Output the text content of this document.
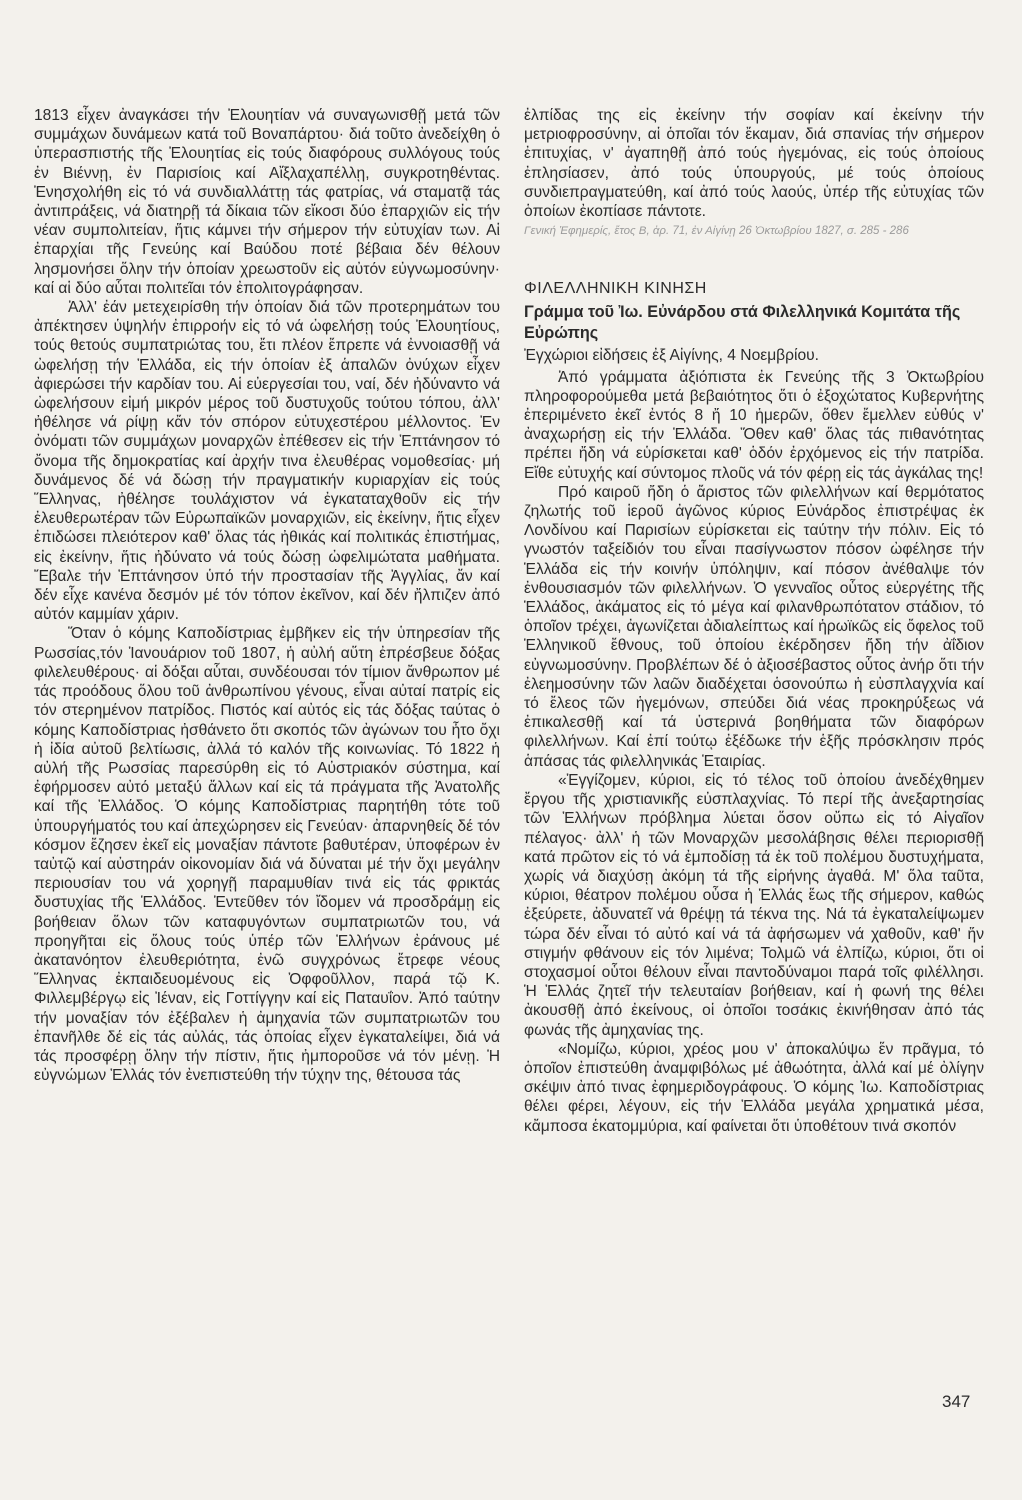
1813 εἶχεν ἀναγκάσει τήν Ἐλουητίαν νά συναγωνισθῇ μετά τῶν συμμάχων δυνάμεων κατά τοῦ Βοναπάρτου· διά τοῦτο ἀνεδείχθη ὁ ὑπερασπιστής τῆς Ἐλουητίας εἰς τούς διαφόρους συλλόγους τούς ἐν Βιέννῃ, ἐν Παρισίοις καί Αἴξλαχαπέλλῃ, συγκροτηθέντας. Ἐνησχολήθη εἰς τό νά συνδιαλλάττῃ τάς φατρίας, νά σταματᾷ τάς ἀντιπράξεις, νά διατηρῇ τά δίκαια τῶν εἴκοσι δύο ἐπαρχιῶν εἰς τήν νέαν συμπολιτείαν, ἥτις κάμνει τήν σήμερον τήν εὐτυχίαν των. Αἱ ἐπαρχίαι τῆς Γενεύης καί Βαύδου ποτέ βέβαια δέν θέλουν λησμονήσει ὅλην τήν ὁποίαν χρεωστοῦν εἰς αὐτόν εὐγνωμοσύνην· καί αἱ δύο αὗται πολιτεῖαι τόν ἐπολιτογράφησαν.

Ἀλλ' ἐάν μετεχειρίσθη τήν ὁποίαν διά τῶν προτερημάτων του ἀπέκτησεν ὑψηλήν ἐπιρροήν εἰς τό νά ὠφελήσῃ τούς Ἐλουητίους, τούς θετούς συμπατριώτας του, ἔτι πλέον ἔπρεπε νά ἐννοιασθῇ νά ὠφελήσῃ τήν Ἑλλάδα, εἰς τήν ὁποίαν ἐξ ἁπαλῶν ὀνύχων εἶχεν ἀφιερώσει τήν καρδίαν του. Αἱ εὐεργεσίαι του, ναί, δέν ἠδύναντο νά ὠφελήσουν εἰμή μικρόν μέρος τοῦ δυστυχοῦς τούτου τόπου, ἀλλ' ἠθέλησε νά ρίψῃ κἄν τόν σπόρον εὐτυχεστέρου μέλλοντος. Ἐν ὀνόματι τῶν συμμάχων μοναρχῶν ἐπέθεσεν εἰς τήν Ἑπτάνησον τό ὄνομα τῆς δημοκρατίας καί ἀρχήν τινα ἐλευθέρας νομοθεσίας· μή δυνάμενος δέ νά δώσῃ τήν πραγματικήν κυριαρχίαν εἰς τούς Ἕλληνας, ἠθέλησε τουλάχιστον νά ἐγκαταταχθοῦν εἰς τήν ἐλευθερωτέραν τῶν Εὐρωπαϊκῶν μοναρχιῶν, εἰς ἐκείνην, ἥτις εἶχεν ἐπιδώσει πλειότερον καθ' ὅλας τάς ἠθικάς καί πολιτικάς ἐπιστήμας, εἰς ἐκείνην, ἥτις ἠδύνατο νά τούς δώσῃ ὠφελιμώτατα μαθήματα. Ἔβαλε τήν Ἑπτάνησον ὑπό τήν προστασίαν τῆς Ἀγγλίας, ἄν καί δέν εἶχε κανένα δεσμόν μέ τόν τόπον ἐκεῖνον, καί δέν ἤλπιζεν ἀπό αὐτόν καμμίαν χάριν.

Ὅταν ὁ κόμης Καποδίστριας ἐμβῆκεν εἰς τήν ὑπηρεσίαν τῆς Ρωσσίας,τόν Ἰανουάριον τοῦ 1807, ἡ αὐλή αὕτη ἐπρέσβευε δόξας φιλελευθέρους· αἱ δόξαι αὗται, συνδέουσαι τόν τίμιον ἄνθρωπον μέ τάς προόδους ὅλου τοῦ ἀνθρωπίνου γένους, εἶναι αὐταί πατρίς εἰς τόν στερημένον πατρίδος. Πιστός καί αὐτός εἰς τάς δόξας ταύτας ὁ κόμης Καποδίστριας ἠσθάνετο ὅτι σκοπός τῶν ἀγώνων του ἦτο ὄχι ἡ ἰδία αὐτοῦ βελτίωσις, ἀλλά τό καλόν τῆς κοινωνίας. Τό 1822 ἡ αὐλή τῆς Ρωσσίας παρεσύρθη εἰς τό Αὐστριακόν σύστημα, καί ἐφήρμοσεν αὐτό μεταξύ ἄλλων καί εἰς τά πράγματα τῆς Ἀνατολῆς καί τῆς Ἑλλάδος. Ὁ κόμης Καποδίστριας παρητήθη τότε τοῦ ὑπουργήματός του καί ἀπεχώρησεν εἰς Γενεύαν· ἀπαρνηθείς δέ τόν κόσμον ἔζησεν ἐκεῖ εἰς μοναξίαν πάντοτε βαθυτέραν, ὑποφέρων ἐν ταὐτῷ καί αὐστηράν οἰκονομίαν διά νά δύναται μέ τήν ὄχι μεγάλην περιουσίαν του νά χορηγῇ παραμυθίαν τινά εἰς τάς φρικτάς δυστυχίας τῆς Ἑλλάδος. Ἐντεῦθεν τόν ἴδομεν νά προσδράμῃ εἰς βοήθειαν ὅλων τῶν καταφυγόντων συμπατριωτῶν του, νά προηγῆται εἰς ὅλους τούς ὑπέρ τῶν Ἑλλήνων ἐράνους μέ ἀκατανόητον ἐλευθεριότητα, ἐνῶ συγχρόνως ἔτρεφε νέους Ἕλληνας ἐκπαιδευομένους εἰς Ὀφφοῦλλον, παρά τῷ Κ. Φιλλεμβέργῳ εἰς Ἰέναν, εἰς Γοττίγγην καί εἰς Παταυΐον. Ἀπό ταύτην τήν μοναξίαν τόν ἐξέβαλεν ἡ ἀμηχανία τῶν συμπατριωτῶν του ἐπανῆλθε δέ εἰς τάς αὐλάς, τάς ὁποίας εἶχεν ἐγκαταλείψει, διά νά τάς προσφέρῃ ὅλην τήν πίστιν, ἥτις ἠμποροῦσε νά τόν μένῃ. Ἡ εὐγνώμων Ἑλλάς τόν ἐνεπιστεύθη τήν τύχην της, θέτουσα τάς

ἐλπίδας της εἰς ἐκείνην τήν σοφίαν καί ἐκείνην τήν μετριοφροσύνην, αἱ ὁποῖαι τόν ἔκαμαν, διά σπανίας τήν σήμερον ἐπιτυχίας, ν' ἀγαπηθῇ ἀπό τούς ἡγεμόνας, εἰς τούς ὁποίους ἐπλησίασεν, ἀπό τούς ὑπουργούς, μέ τούς ὁποίους συνδιεπραγματεύθη, καί ἀπό τούς λαούς, ὑπέρ τῆς εὐτυχίας τῶν ὁποίων ἐκοπίασε πάντοτε.

Γενική Ἐφημερίς, ἔτος Β, ἀρ. 71, ἐν Αἰγίνῃ 26 Ὀκτωβρίου 1827, σ. 285 - 286

ΦΙΛΕΛΛΗΝΙΚΗ ΚΙΝΗΣΗ

Γράμμα τοῦ Ἰω. Εὐνάρδου στά Φιλελληνικά Κομιτάτα τῆς Εὐρώπης

Ἐγχώριοι εἰδήσεις ἐξ Αἰγίνης, 4 Νοεμβρίου.

Ἀπό γράμματα ἀξιόπιστα ἐκ Γενεύης τῆς 3 Ὀκτωβρίου πληροφορούμεθα μετά βεβαιότητος ὅτι ὁ ἐξοχώτατος Κυβερνήτης ἐπεριμένετο ἐκεῖ ἐντός 8 ἤ 10 ἡμερῶν, ὅθεν ἔμελλεν εὐθύς ν' ἀναχωρήσῃ εἰς τήν Ἑλλάδα. Ὅθεν καθ' ὅλας τάς πιθανότητας πρέπει ἤδη νά εὑρίσκεται καθ' ὁδόν ἐρχόμενος εἰς τήν πατρίδα. Εἴθε εὐτυχής καί σύντομος πλοῦς νά τόν φέρῃ εἰς τάς ἀγκάλας της!

Πρό καιροῦ ἤδη ὁ ἄριστος τῶν φιλελλήνων καί θερμότατος ζηλωτής τοῦ ἱεροῦ ἀγῶνος κύριος Εὐνάρδος ἐπιστρέψας ἐκ Λονδίνου καί Παρισίων εὑρίσκεται εἰς ταύτην τήν πόλιν. Εἰς τό γνωστόν ταξείδιόν του εἶναι πασίγνωστον πόσον ὠφέλησε τήν Ἑλλάδα εἰς τήν κοινήν ὑπόληψιν, καί πόσον ἀνέθαλψε τόν ἐνθουσιασμόν τῶν φιλελλήνων. Ὁ γενναῖος οὗτος εὐεργέτης τῆς Ἑλλάδος, ἀκάματος εἰς τό μέγα καί φιλανθρωπότατον στάδιον, τό ὁποῖον τρέχει, ἀγωνίζεται ἀδιαλείπτως καί ἡρωϊκῶς εἰς ὄφελος τοῦ Ἑλληνικοῦ ἔθνους, τοῦ ὁποίου ἐκέρδησεν ἤδη τήν ἀΐδιον εὐγνωμοσύνην. Προβλέπων δέ ὁ ἀξιοσέβαστος οὗτος ἀνήρ ὅτι τήν ἐλεημοσύνην τῶν λαῶν διαδέχεται ὁσονούπω ἡ εὐσπλαγχνία καί τό ἔλεος τῶν ἡγεμόνων, σπεύδει διά νέας προκηρύξεως νά ἐπικαλεσθῇ καί τά ὑστερινά βοηθήματα τῶν διαφόρων φιλελλήνων. Καί ἐπί τούτῳ ἐξέδωκε τήν ἑξῆς πρόσκλησιν πρός ἁπάσας τάς φιλελληνικάς Ἑταιρίας.

«Ἐγγίζομεν, κύριοι, εἰς τό τέλος τοῦ ὁποίου ἀνεδέχθημεν ἔργου τῆς χριστιανικῆς εὐσπλαχνίας. Τό περί τῆς ἀνεξαρτησίας τῶν Ἑλλήνων πρόβλημα λύεται ὅσον οὔπω εἰς τό Αἰγαῖον πέλαγος· ἀλλ' ἡ τῶν Μοναρχῶν μεσολάβησις θέλει περιορισθῇ κατά πρῶτον εἰς τό νά ἐμποδίσῃ τά ἐκ τοῦ πολέμου δυστυχήματα, χωρίς νά διαχύσῃ ἀκόμη τά τῆς εἰρήνης ἀγαθά. Μ' ὅλα ταῦτα, κύριοι, θέατρον πολέμου οὖσα ἡ Ἑλλάς ἕως τῆς σήμερον, καθώς ἐξεύρετε, ἀδυνατεῖ νά θρέψῃ τά τέκνα της. Νά τά ἐγκαταλείψωμεν τώρα δέν εἶναι τό αὐτό καί νά τά ἀφήσωμεν νά χαθοῦν, καθ' ἥν στιγμήν φθάνουν εἰς τόν λιμένα; Τολμῶ νά ἐλπίζω, κύριοι, ὅτι οἱ στοχασμοί οὗτοι θέλουν εἶναι παντοδύναμοι παρά τοῖς φιλέλλησι. Ἡ Ἑλλάς ζητεῖ τήν τελευταίαν βοήθειαν, καί ἡ φωνή της θέλει ἀκουσθῇ ἀπό ἐκείνους, οἱ ὁποῖοι τοσάκις ἐκινήθησαν ἀπό τάς φωνάς τῆς ἀμηχανίας της.

«Νομίζω, κύριοι, χρέος μου ν' ἀποκαλύψω ἕν πρᾶγμα, τό ὁποῖον ἐπιστεύθη ἀναμφιβόλως μέ ἀθωότητα, ἀλλά καί μέ ὀλίγην σκέψιν ἀπό τινας ἐφημεριδογράφους. Ὁ κόμης Ἰω. Καποδίστριας θέλει φέρει, λέγουν, εἰς τήν Ἑλλάδα μεγάλα χρηματικά μέσα, κἄμποσα ἑκατομμύρια, καί φαίνεται ὅτι ὑποθέτουν τινά σκοπόν

347
